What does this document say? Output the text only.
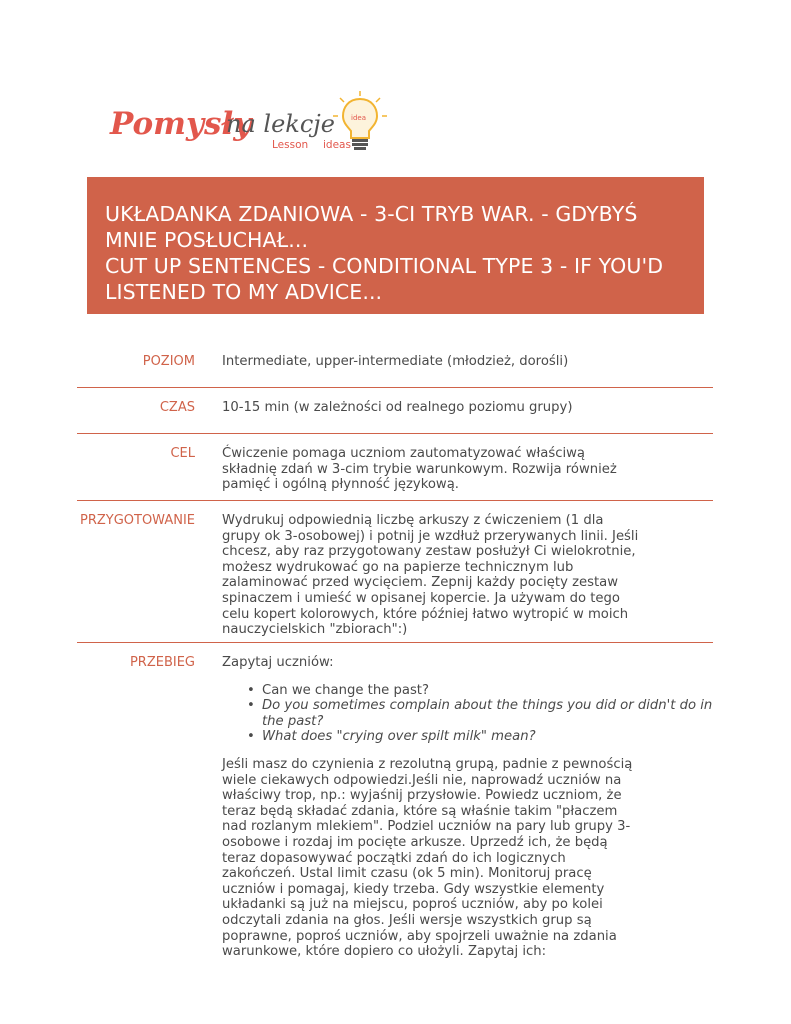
Pomysły
na lekcje
Lesson ideas
idea
UKŁADANKA ZDANIOWA - 3-CI TRYB WAR. - GDYBYŚ
MNIE POSŁUCHAŁ...
CUT UP SENTENCES - CONDITIONAL TYPE 3 - IF YOU'D
LISTENED TO MY ADVICE...
POZIOM Intermediate, upper-intermediate (młodzież, dorośli)
CZAS 10-15 min (w zależności od realnego poziomu grupy)
CEL Ćwiczenie pomaga uczniom zautomatyzować właściwą
składnię zdań w 3-cim trybie warunkowym. Rozwija również
pamięć i ogólną płynność językową.
PRZYGOTOWANIE Wydrukuj odpowiednią liczbę arkuszy z ćwiczeniem (1 dla
grupy ok 3-osobowej) i potnij je wzdłuż przerywanych linii. Jeśli
chcesz, aby raz przygotowany zestaw posłużył Ci wielokrotnie,
możesz wydrukować go na papierze technicznym lub
zalaminować przed wycięciem. Zepnij każdy pocięty zestaw
spinaczem i umieść w opisanej kopercie. Ja używam do tego
celu kopert kolorowych, które później łatwo wytropić w moich
nauczycielskich "zbiorach":)
PRZEBIEG Zapytaj uczniów:
• Can we change the past?
• Do you sometimes complain about the things you did or didn't do in
the past?
• What does "crying over spilt milk" mean?
Jeśli masz do czynienia z rezolutną grupą, padnie z pewnością
wiele ciekawych odpowiedzi.Jeśli nie, naprowadź uczniów na
właściwy trop, np.: wyjaśnij przysłowie. Powiedz uczniom, że
teraz będą składać zdania, które są właśnie takim "płaczem
nad rozlanym mlekiem". Podziel uczniów na pary lub grupy 3-
osobowe i rozdaj im pocięte arkusze. Uprzedź ich, że będą
teraz dopasowywać początki zdań do ich logicznych
zakończeń. Ustal limit czasu (ok 5 min). Monitoruj pracę
uczniów i pomagaj, kiedy trzeba. Gdy wszystkie elementy
układanki są już na miejscu, poproś uczniów, aby po kolei
odczytali zdania na głos. Jeśli wersje wszystkich grup są
poprawne, poproś uczniów, aby spojrzeli uważnie na zdania
warunkowe, które dopiero co ułożyli. Zapytaj ich:
